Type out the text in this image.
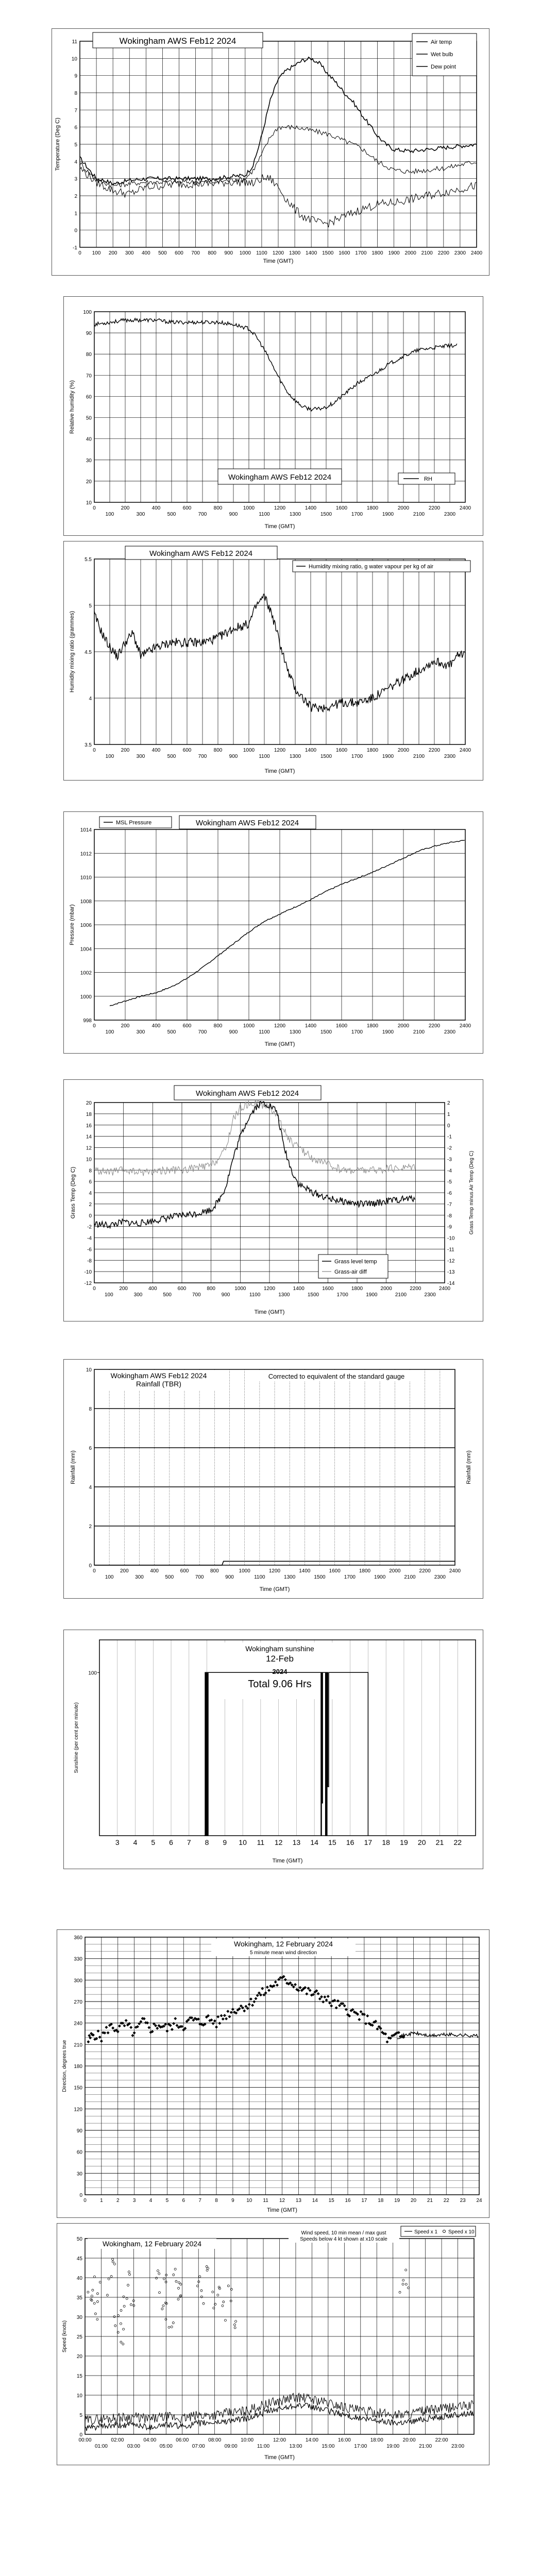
-1
0
1
2
3
4
5
6
7
8
9
10
11
0 100 200 300 400 500 600 700 800 900 1000 1100 1200 1300 1400 1500 1600 1700 1800 1900 2000 2100 2200 2300 2400
Time (GMT)
Temperature (Deg C)
Wokingham AWS Feb12 2024	Air temp
Wet bulb
Dew point
10
20
30
40
50
60
70
80
90
100
0	200	400	600	800	1000	1200	1400	1600	1800	2000	2200	2400
100	300	500	700	900	1100	1300	1500	1700	1900	2100	2300
Time (GMT)
Relative humidity (%)
Wokingham AWS Feb12 2024	RH
3.5
4
4.5
5
5.5
0	200	400	600	800	1000	1200	1400	1600	1800	2000	2200	2400
100	300	500	700	900	1100	1300	1500	1700	1900	2100	2300
Time (GMT)
Humidity mixing ratio (grammes)
Wokingham AWS Feb12 2024
Humidity mixing ratio, g water vapour per kg of air
998
1000
1002
1004
1006
1008
1010
1012
1014
0	200	400	600	800	1000	1200	1400	1600	1800	2000	2200	2400
100	300	500	700	900	1100	1300	1500	1700	1900	2100	2300
Time (GMT)
Pressure (mbar)
Wokingham AWS Feb12 2024
MSL Pressure
-12
-10
-8
-6
-4
-2
0
2
4
6
8
10
12
14
16
18
20
-14
-13
-12
-11
-10
-9
-8
-7
-6
-5
-4
-3
-2
-1
0
1
2
0	200	400	600	800	1000	1200	1400	1600	1800	2000	2200	2400
100	300	500	700	900	1100	1300	1500	1700	1900	2100	2300
Time (GMT)
Grass Temp (Deg C)	Grass Temp minus Air Temp (Deg C)
Wokingham AWS Feb12 2024
Grass level temp
Grass-air diff
0
2
4
6
8
10
0	200	400	600	800	1000	1200	1400	1600	1800	2000	2200	2400
100	300	500	700	900	1100	1300	1500	1700	1900	2100	2300
Time (GMT)
Rainfall (mm)	Rainfall (mm)
Wokingham AWS Feb12 2024
Rainfall (TBR)
Corrected to equivalent of the standard gauge
100
3 4 5 6 7 8 9 10 11 12 13 14 15 16 17 18 19 20 21 22
Time (GMT)
Sunshine (per cent per minute)
Wokingham sunshine
12-Feb
2024
Total 9.06 Hrs
0
30
60
90
120
150
180
210
240
270
300
330
360
0	1	2	3	4	5	6	7	8	9 10 11 12 13 14 15 16 17 18 19 20 21 22 23 24
Time (GMT)
Direction, degrees true
Wokingham, 12 February 2024
5 minute mean wind direction
0
5
10
15
20
25
30
35
40
45
50
00:00	02:00	04:00	06:00	08:00	10:00	12:00	14:00	16:00	18:00	20:00	22:00
01:00	03:00	05:00	07:00	09:00	11:00	13:00	15:00	17:00	19:00	21:00	23:00
Time (GMT)
Speed (knots)
Wokingham, 12 February 2024
Wind speed, 10 min mean / max gust
Speeds below 4 kt shown at x10 scale
Speed x 1 Speed x 10
